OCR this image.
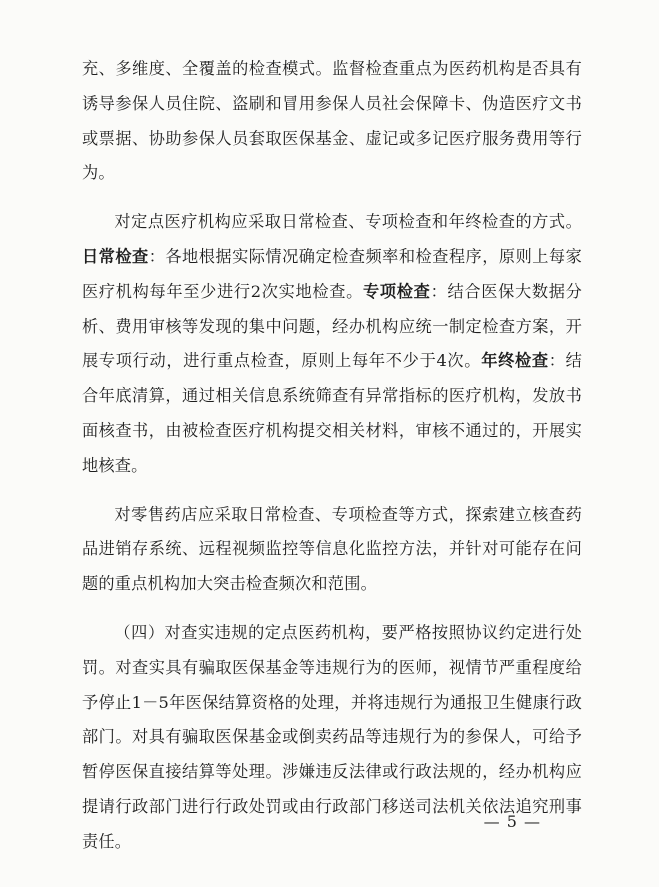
充、多维度、全覆盖的检查模式。监督检查重点为医药机构是否具有诱导参保人员住院、盗刷和冒用参保人员社会保障卡、伪造医疗文书或票据、协助参保人员套取医保基金、虚记或多记医疗服务费用等行为。

对定点医疗机构应采取日常检查、专项检查和年终检查的方式。日常检查：各地根据实际情况确定检查频率和检查程序，原则上每家医疗机构每年至少进行2次实地检查。专项检查：结合医保大数据分析、费用审核等发现的集中问题，经办机构应统一制定检查方案，开展专项行动，进行重点检查，原则上每年不少于4次。年终检查：结合年底清算，通过相关信息系统筛查有异常指标的医疗机构，发放书面核查书，由被检查医疗机构提交相关材料，审核不通过的，开展实地核查。

对零售药店应采取日常检查、专项检查等方式，探索建立核查药品进销存系统、远程视频监控等信息化监控方法，并针对可能存在问题的重点机构加大突击检查频次和范围。

（四）对查实违规的定点医药机构，要严格按照协议约定进行处罚。对查实具有骗取医保基金等违规行为的医师，视情节严重程度给予停止1－5年医保结算资格的处理，并将违规行为通报卫生健康行政部门。对具有骗取医保基金或倒卖药品等违规行为的参保人，可给予暂停医保直接结算等处理。涉嫌违反法律或行政法规的，经办机构应提请行政部门进行行政处罚或由行政部门移送司法机关依法追究刑事责任。

— 5 —
